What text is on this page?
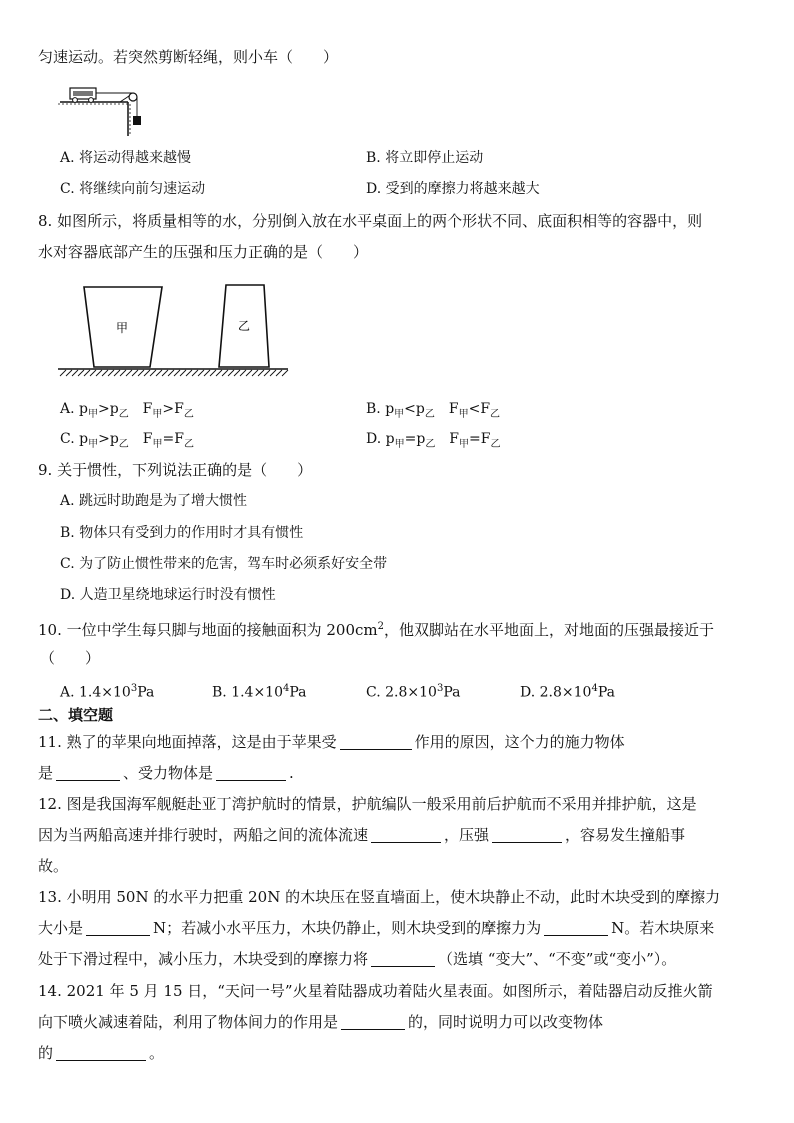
匀速运动。若突然剪断轻绳，则小车（　　）
A. 将运动得越来越慢	B. 将立即停止运动
C. 将继续向前匀速运动	D. 受到的摩擦力将越来越大
8. 如图所示，将质量相等的水，分别倒入放在水平桌面上的两个形状不同、底面积相等的容器中，则
水对容器底部产生的压强和压力正确的是（　　）
甲	乙
A. $p_甲>p_乙$　$F_甲>F_乙$	B. $p_甲<p_乙$　$F_甲<F_乙$
C. $p_甲>p_乙$　$F_甲=F_乙$	D. $p_甲=p_乙$　$F_甲=F_乙$
9. 关于惯性，下列说法正确的是（　　）
A. 跳远时助跑是为了增大惯性
B. 物体只有受到力的作用时才具有惯性
C. 为了防止惯性带来的危害，驾车时必须系好安全带
D. 人造卫星绕地球运行时没有惯性
10. 一位中学生每只脚与地面的接触面积为 $200cm^2$，他双脚站在水平地面上，对地面的压强最接近于
（　　）
A. $1.4\times 10^3Pa$	B. $1.4\times 10^4Pa$	C. $2.8\times 10^3Pa$	D. $2.8\times 10^4Pa$
二、填空题
11. 熟了的苹果向地面掉落，这是由于苹果受	作用的原因，这个力的施力物体
是	、受力物体是	.
12. 图是我国海军舰艇赴亚丁湾护航时的情景，护航编队一般采用前后护航而不采用并排护航，这是
因为当两船高速并排行驶时，两船之间的流体流速	，压强	，容易发生撞船事
故。
13. 小明用 50N 的水平力把重 20N 的木块压在竖直墙面上，使木块静止不动，此时木块受到的摩擦力
大小是	N；若减小水平压力，木块仍静止，则木块受到的摩擦力为	N。若木块原来
处于下滑过程中，减小压力，木块受到的摩擦力将	（选填 “变大”、“不变”或“变小”）。
14. 2021 年 5 月 15 日，“天问一号”火星着陆器成功着陆火星表面。如图所示，着陆器启动反推火箭
向下喷火减速着陆，利用了物体间力的作用是	的，同时说明力可以改变物体
的	。
